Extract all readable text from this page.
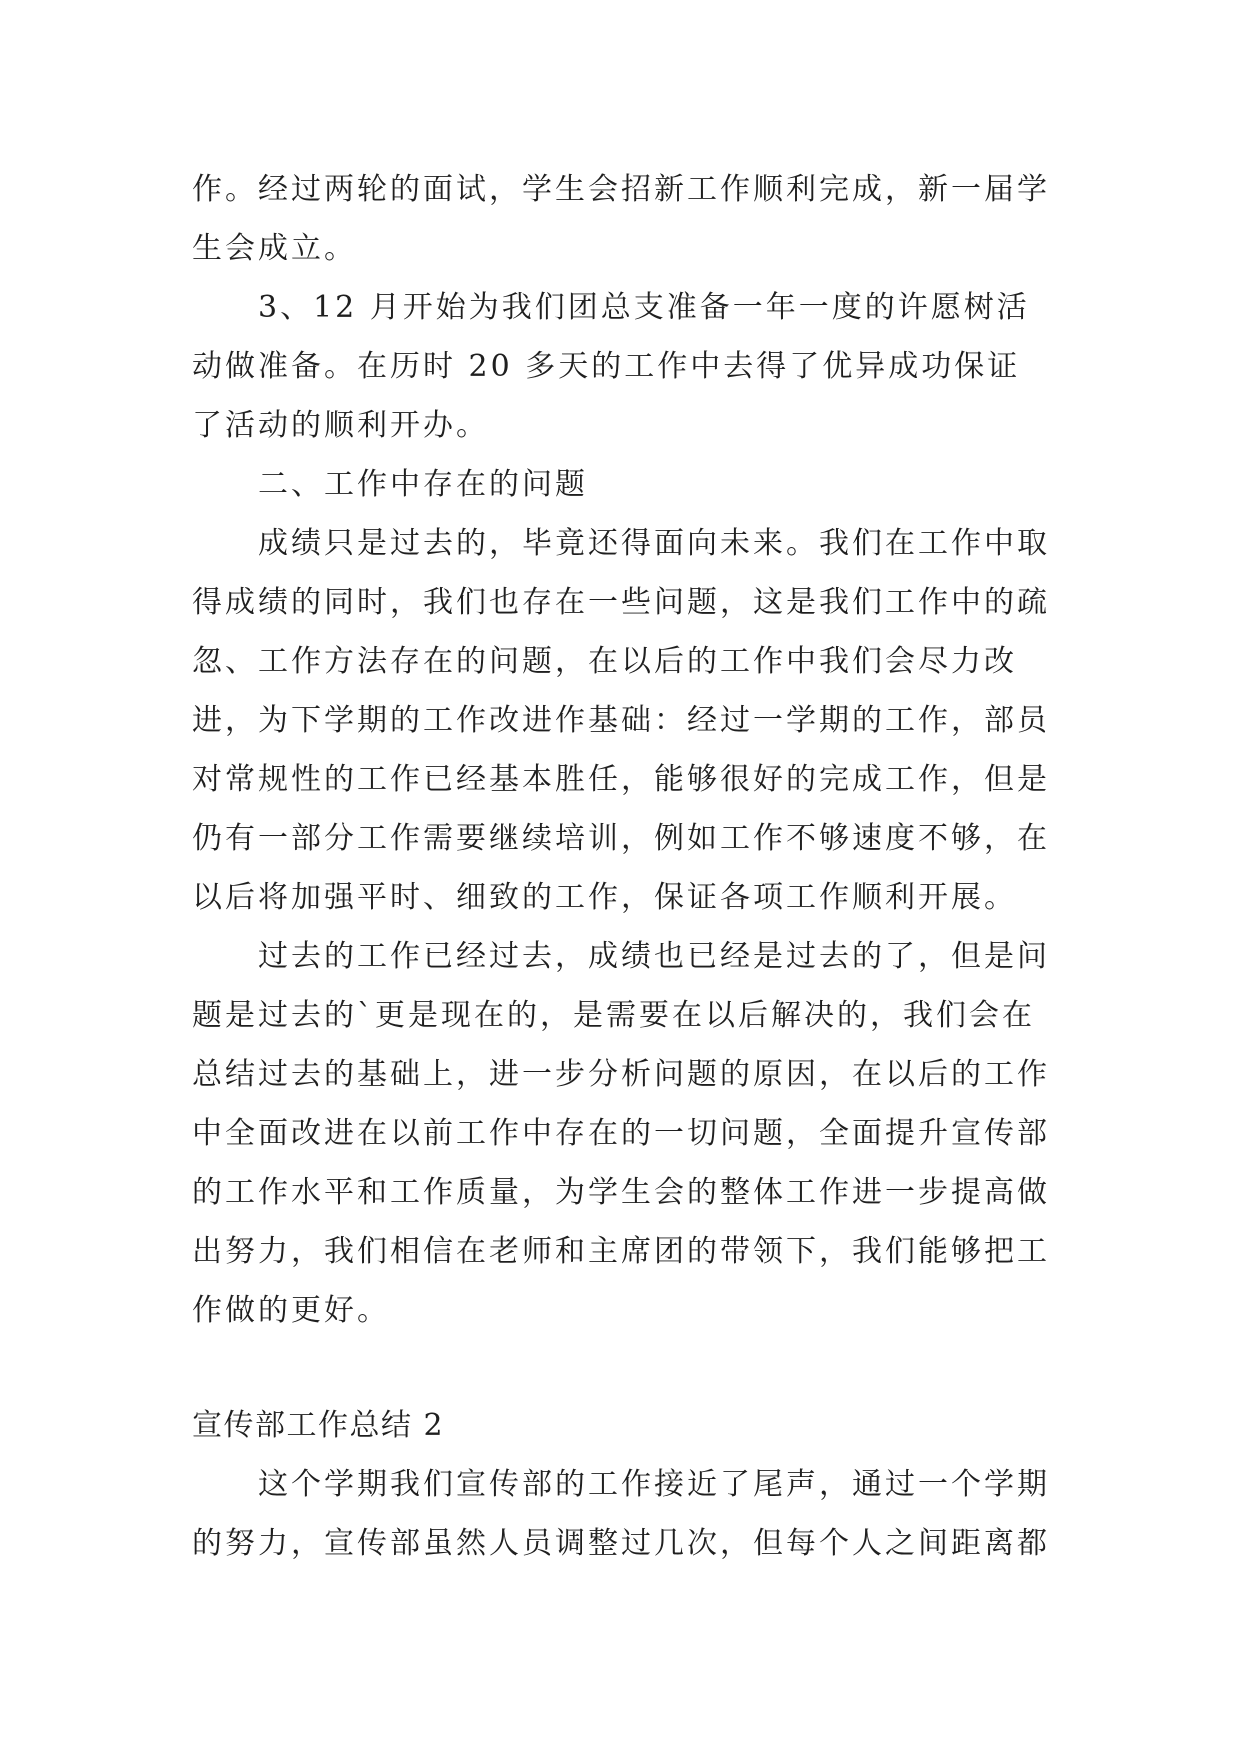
作。经过两轮的面试，学生会招新工作顺利完成，新一届学生会成立。

3、12 月开始为我们团总支准备一年一度的许愿树活动做准备。在历时 20 多天的工作中去得了优异成功保证了活动的顺利开办。

二、工作中存在的问题

成绩只是过去的，毕竟还得面向未来。我们在工作中取得成绩的同时，我们也存在一些问题，这是我们工作中的疏忽、工作方法存在的问题，在以后的工作中我们会尽力改进，为下学期的工作改进作基础：经过一学期的工作，部员对常规性的工作已经基本胜任，能够很好的完成工作，但是仍有一部分工作需要继续培训，例如工作不够速度不够，在以后将加强平时、细致的工作，保证各项工作顺利开展。

过去的工作已经过去，成绩也已经是过去的了，但是问题是过去的`更是现在的，是需要在以后解决的，我们会在总结过去的基础上，进一步分析问题的原因，在以后的工作中全面改进在以前工作中存在的一切问题，全面提升宣传部的工作水平和工作质量，为学生会的整体工作进一步提高做出努力，我们相信在老师和主席团的带领下，我们能够把工作做的更好。

宣传部工作总结 2

这个学期我们宣传部的工作接近了尾声，通过一个学期的努力，宣传部虽然人员调整过几次，但每个人之间距离都
